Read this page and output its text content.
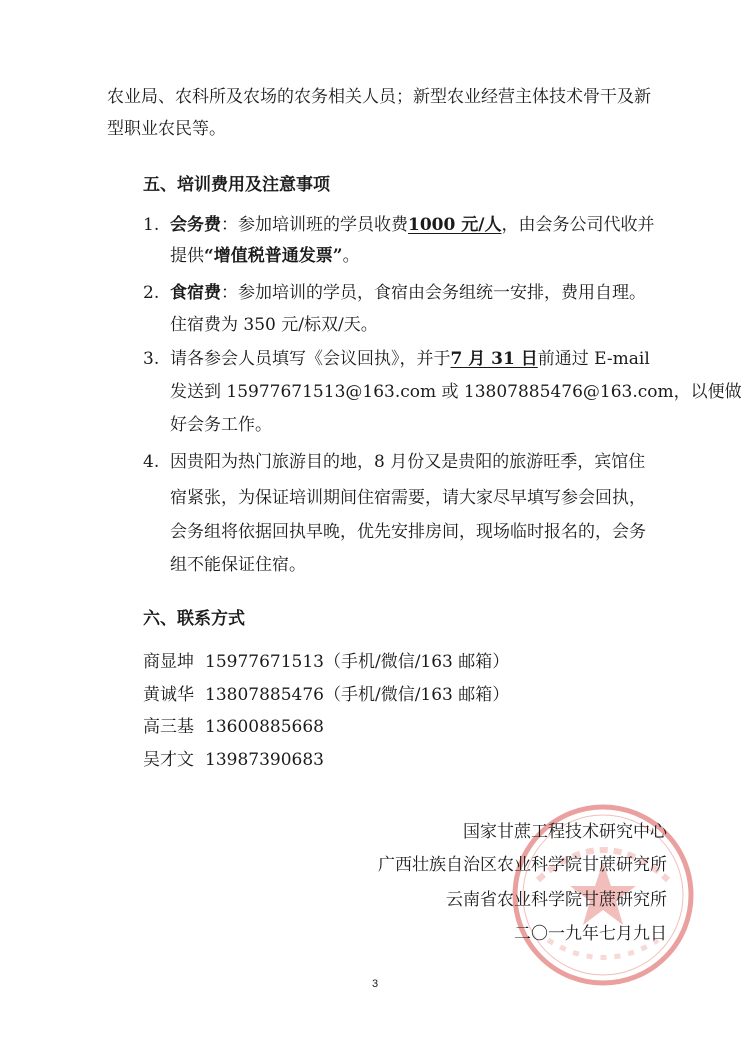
农业局、农科所及农场的农务相关人员；新型农业经营主体技术骨干及新
型职业农民等。
五、培训费用及注意事项
1. 会务费：参加培训班的学员收费1000 元/人，由会务公司代收并
提供“增值税普通发票”。
2. 食宿费：参加培训的学员，食宿由会务组统一安排，费用自理。
住宿费为 350 元/标双/天。
3. 请各参会人员填写《会议回执》，并于7 月 31 日前通过 E-mail
发送到 15977671513@163.com 或 13807885476@163.com，以便做
好会务工作。
4. 因贵阳为热门旅游目的地，8 月份又是贵阳的旅游旺季，宾馆住
宿紧张，为保证培训期间住宿需要，请大家尽早填写参会回执，
会务组将依据回执早晚，优先安排房间，现场临时报名的，会务
组不能保证住宿。
六、联系方式
商显坤 15977671513（手机/微信/163 邮箱）
黄诚华 13807885476（手机/微信/163 邮箱）
高三基 13600885668
吴才文 13987390683
国家甘蔗工程技术研究中心
广西壮族自治区农业科学院甘蔗研究所
云南省农业科学院甘蔗研究所
二〇一九年七月九日
3
